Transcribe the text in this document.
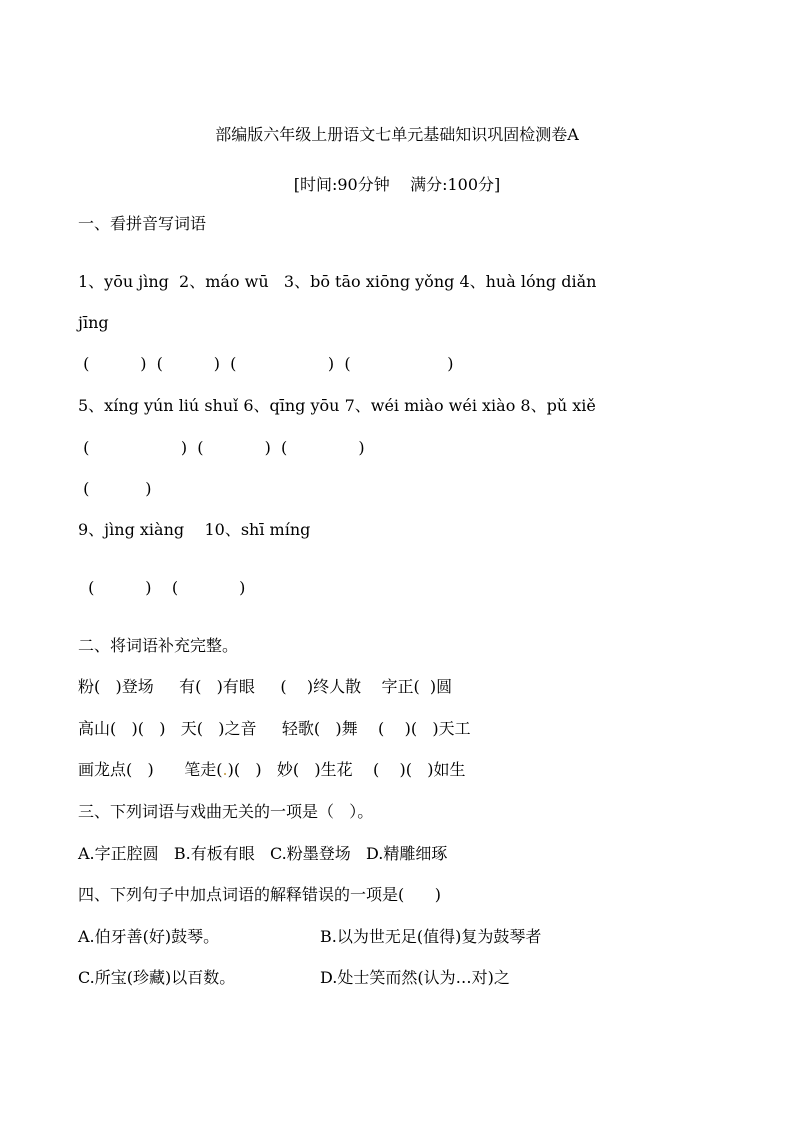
部编版六年级上册语文七单元基础知识巩固检测卷A
[时间:90分钟    满分:100分]
一、看拼音写词语
1、yōu jìng  2、máo wū   3、bō tāo xiōng yǒng 4、huà lóng diǎn
jīng
(          )  (          )  (                  )  (                   )
5、xíng yún liú shuǐ 6、qīng yōu 7、wéi miào wéi xiào 8、pǔ xiě
(                  )  (            )  (              )
(           )
9、jìng xiàng    10、shī míng
(          )    (            )
二、将词语补充完整。
粉(   )登场     有(   )有眼     (    )终人散    字正(  )圆
高山(   )(   )   天(   )之音     轻歌(   )舞    (    )(   )天工
画龙点(   )      笔走(.)(   )   妙(   )生花    (    )(   )如生
三、下列词语与戏曲无关的一项是（   ）。
A.字正腔圆   B.有板有眼   C.粉墨登场   D.精雕细琢
四、下列句子中加点词语的解释错误的一项是(      )
A.伯牙善(好)鼓琴。	B.以为世无足(值得)复为鼓琴者
C.所宝(珍藏)以百数。	D.处士笑而然(认为…对)之
